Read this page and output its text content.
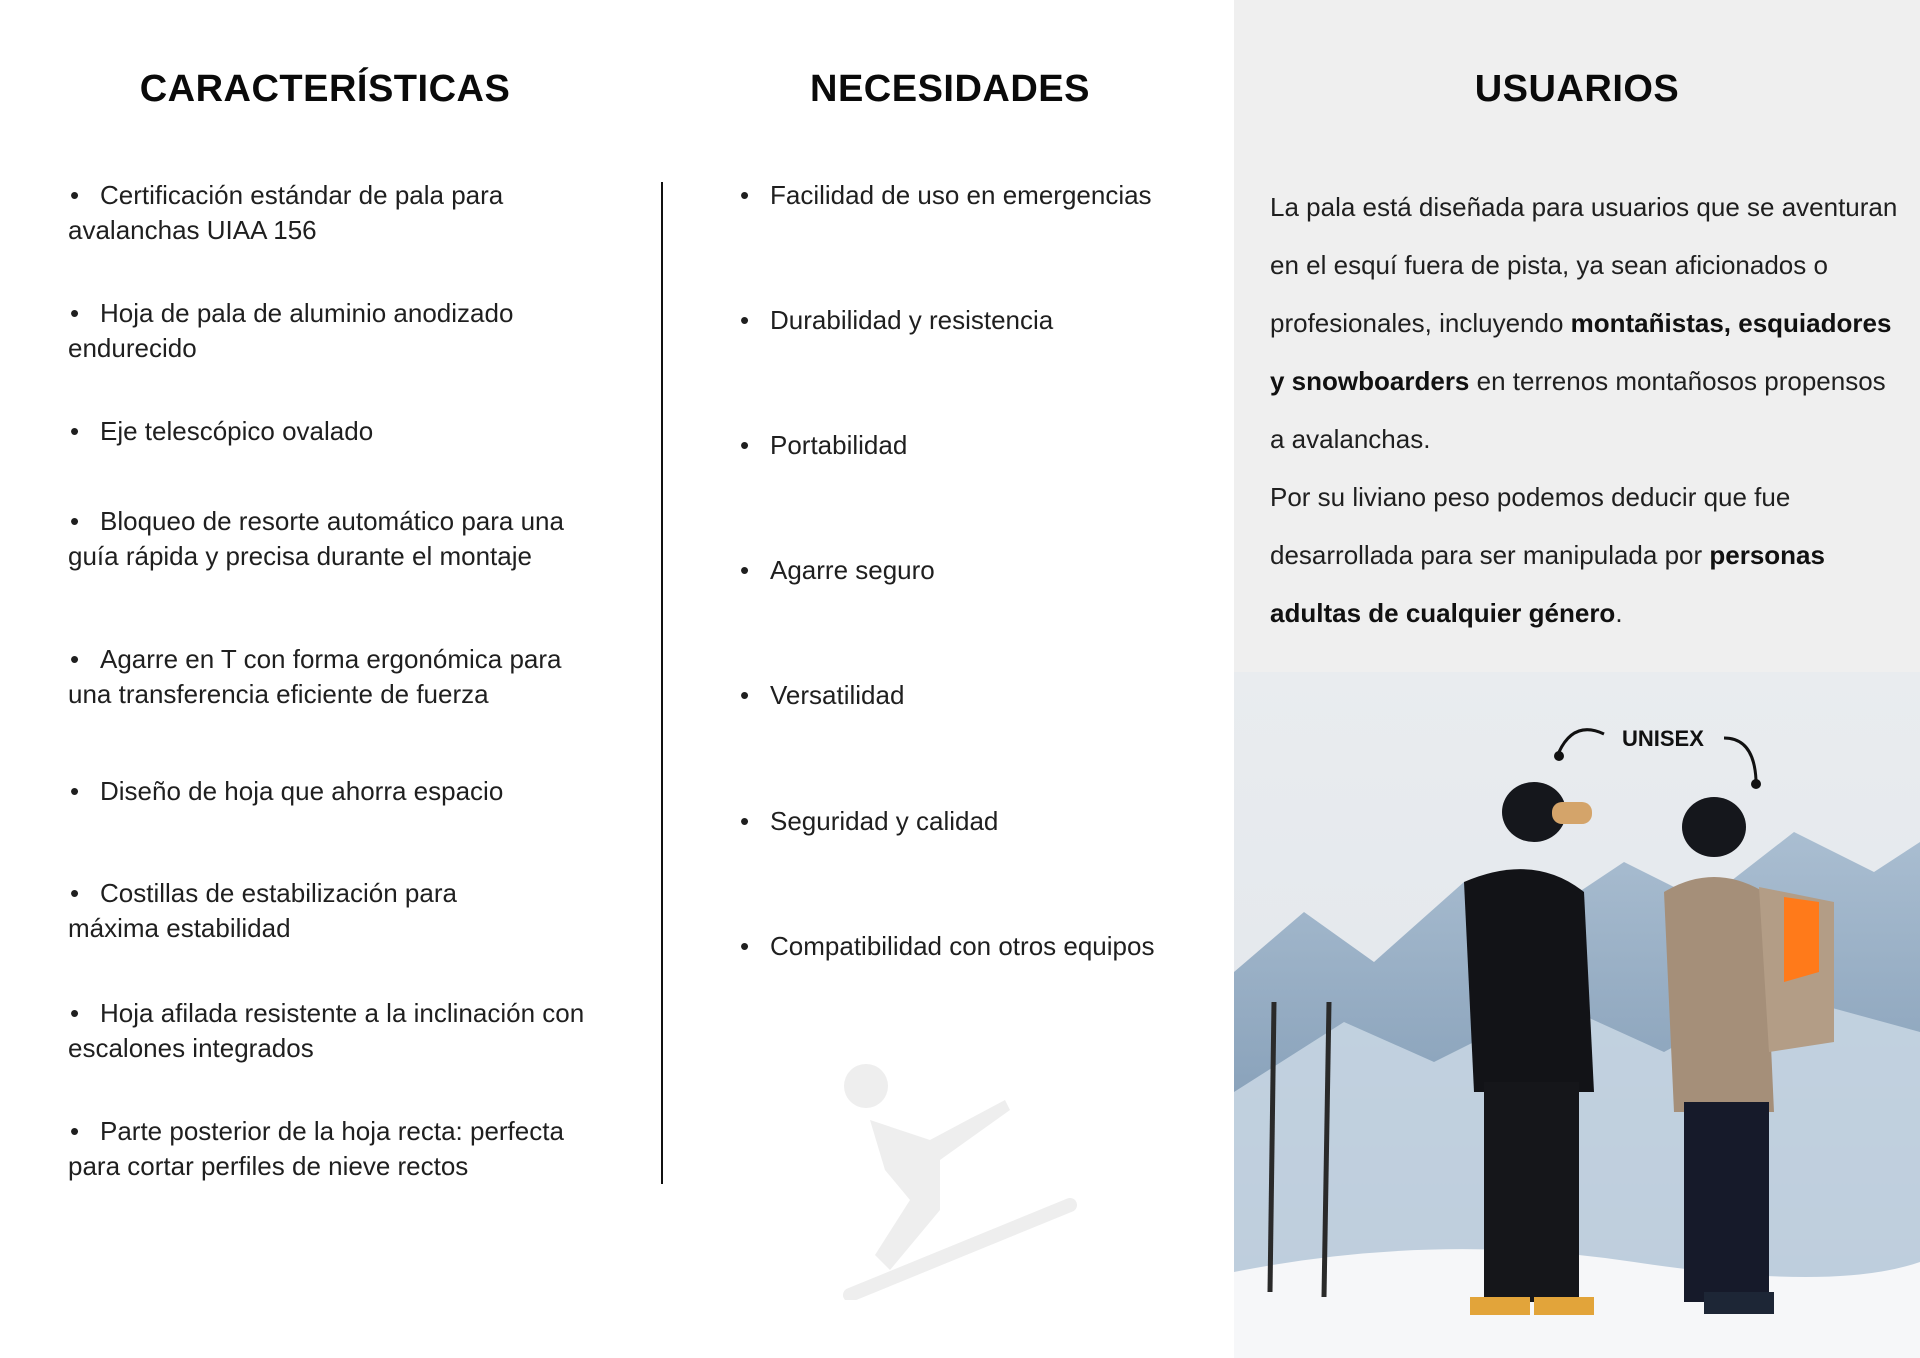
CARACTERÍSTICAS	NECESIDADES	USUARIOS
• Certificación estándar de pala para
avalanchas UIAA 156
• Hoja de pala de aluminio anodizado
endurecido
• Eje telescópico ovalado
• Bloqueo de resorte automático para una
guía rápida y precisa durante el montaje
• Agarre en T con forma ergonómica para
una transferencia eficiente de fuerza
• Diseño de hoja que ahorra espacio
• Costillas de estabilización para
máxima estabilidad
• Hoja afilada resistente a la inclinación con
escalones integrados
• Parte posterior de la hoja recta: perfecta
para cortar perfiles de nieve rectos
• Facilidad de uso en emergencias
• Durabilidad y resistencia
• Portabilidad
• Agarre seguro
• Versatilidad
• Seguridad y calidad
• Compatibilidad con otros equipos

La pala está diseñada para usuarios que se aventuran en el esquí fuera de pista, ya sean aficionados o profesionales, incluyendo montañistas, esquiadores y snowboarders en terrenos montañosos propensos a avalanchas.

Por su liviano peso podemos deducir que fue desarrollada para ser manipulada por personas adultas de cualquier género.

UNISEX
